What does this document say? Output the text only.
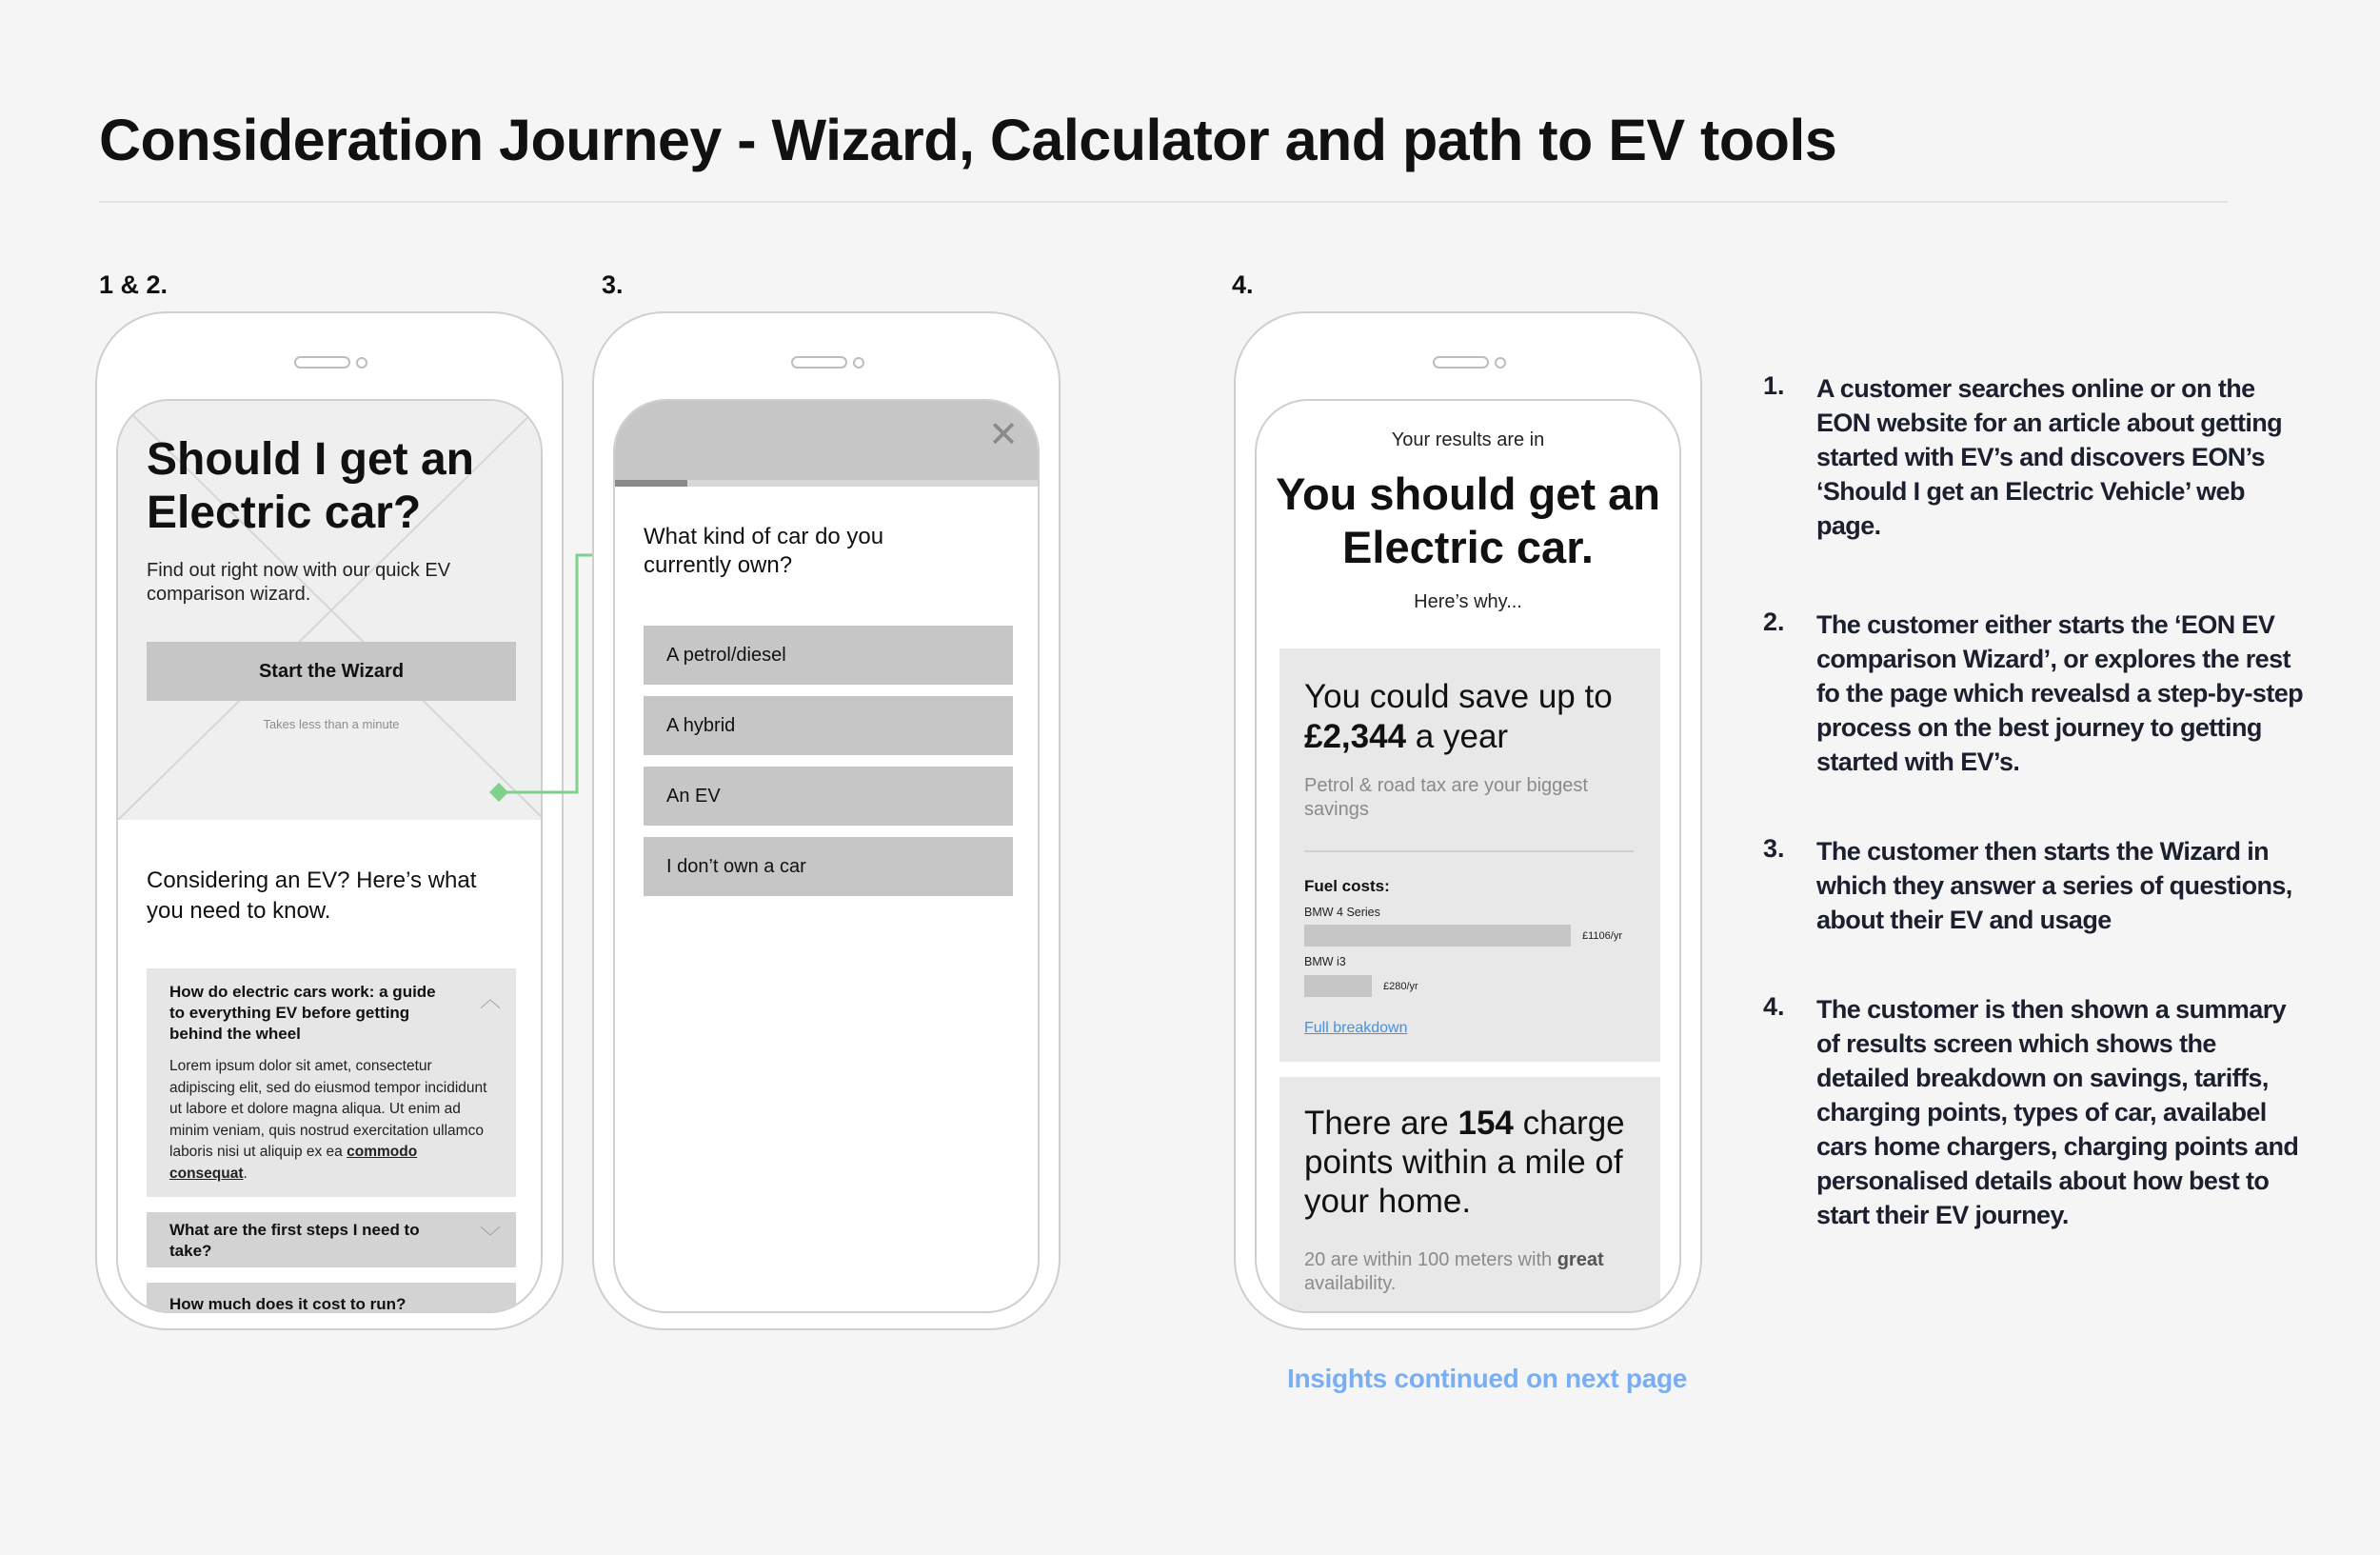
Consideration Journey - Wizard, Calculator and path to EV tools
1 & 2.	3.	4.
Should I get an Electric car?
Find out right now with our quick EV comparison wizard.
Start the Wizard
Takes less than a minute
Considering an EV? Here’s what you need to know.
How do electric cars work: a guide to everything EV before getting behind the wheel
︿
Lorem ipsum dolor sit amet, consectetur adipiscing elit, sed do eiusmod tempor incididunt ut labore et dolore magna aliqua. Ut enim ad minim veniam, quis nostrud exercitation ullamco laboris nisi ut aliquip ex ea commodo consequat.
What are the first steps I need to take?
﹀
How much does it cost to run?
✕
What kind of car do you currently own?
A petrol/diesel
A hybrid
An EV
I don’t own a car
Your results are in
You should get an Electric car.
Here’s why...
You could save up to
£2,344 a year
Petrol & road tax are your biggest savings
Fuel costs:
BMW 4 Series
£1106/yr
BMW i3
£280/yr
Full breakdown
There are 154 charge points within a mile of your home.
20 are within 100 meters with great availability.
Insights continued on next page
1. A customer searches online or on the EON website for an article about getting started with EV’s and discovers EON’s ‘Should I get an Electric Vehicle’ web page.
2. The customer either starts the ‘EON EV comparison Wizard’, or explores the rest fo the page which revealsd a step-by-step process on the best journey to getting started with EV’s.
3. The customer then starts the Wizard in which they answer a series of questions, about their EV and usage
4. The customer is then shown a summary of results screen which shows the detailed breakdown on savings, tariffs, charging points, types of car, availabel cars home chargers, charging points and personalised details about how best to start their EV journey.
